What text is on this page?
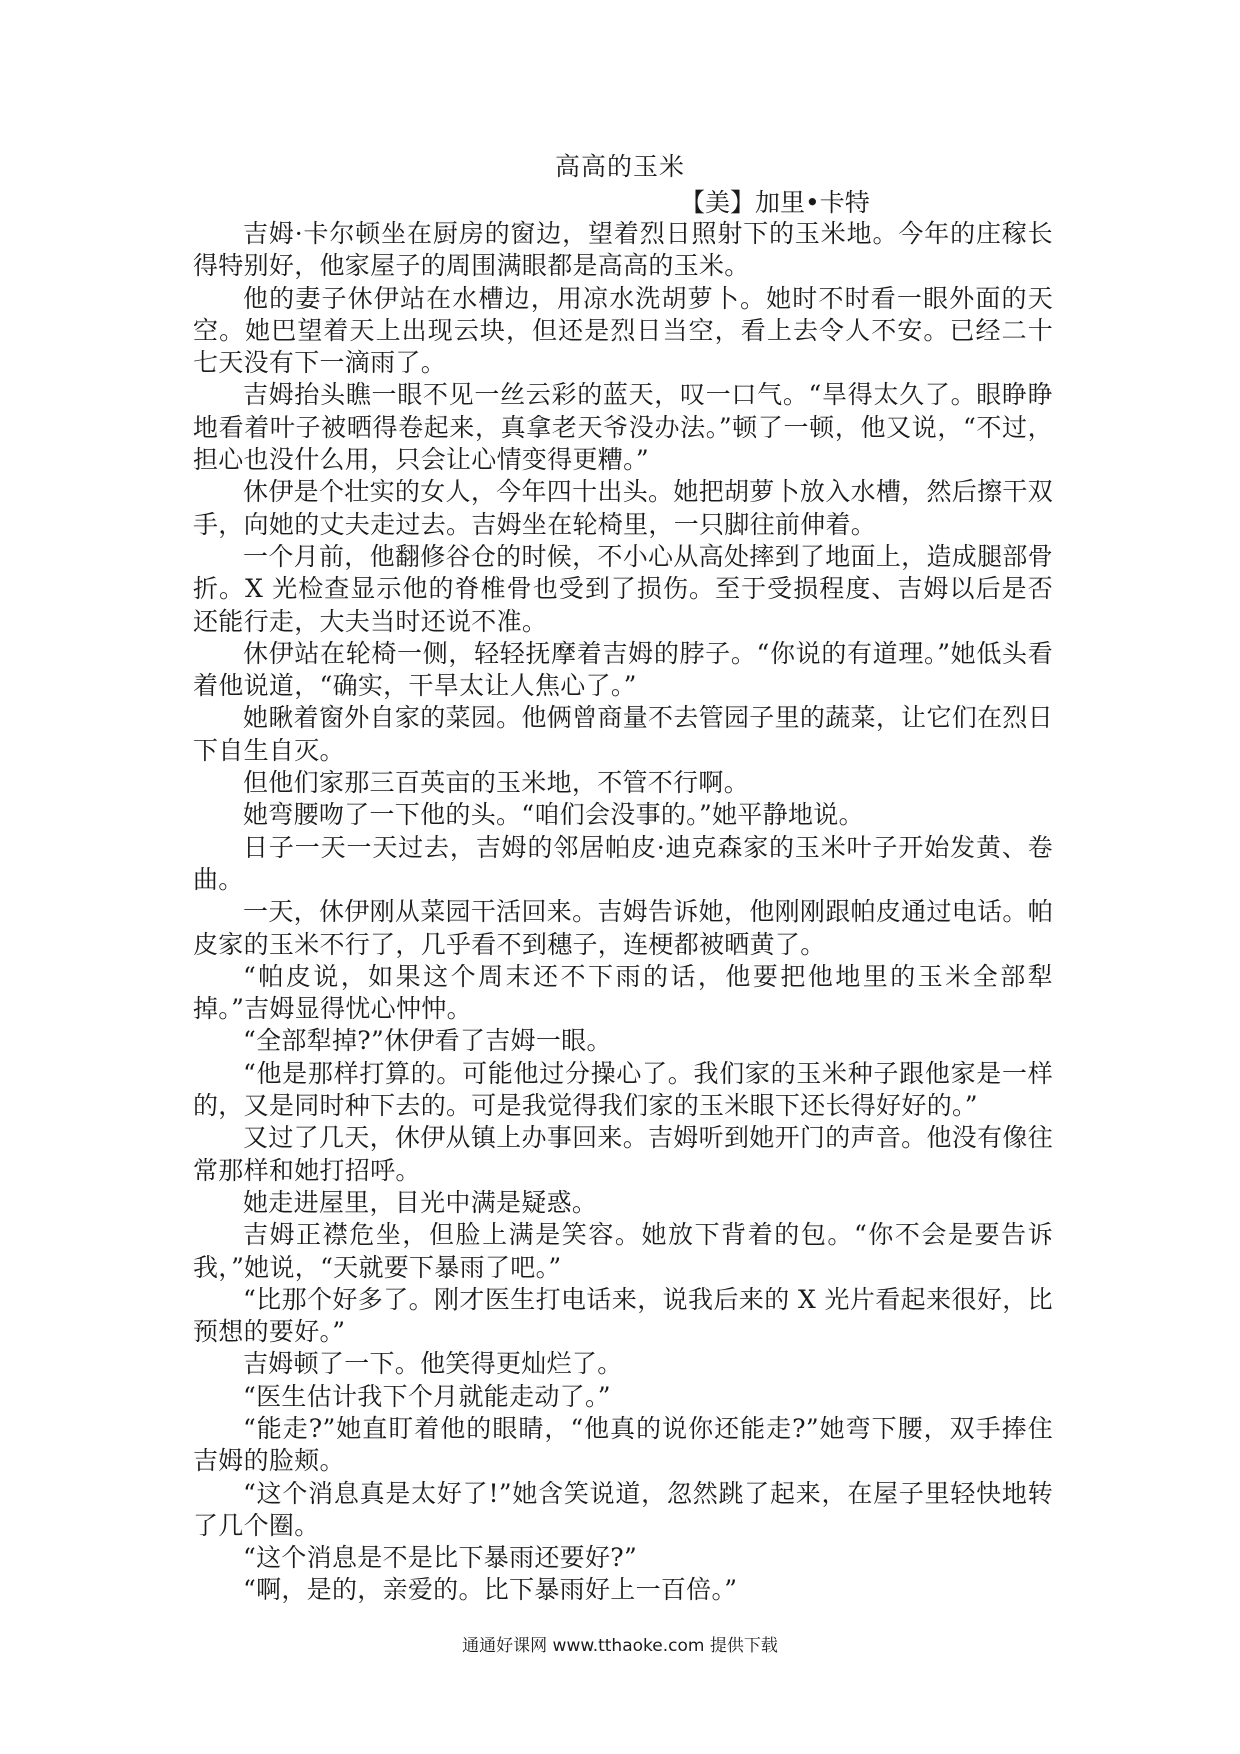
高高的玉米
【美】加里•卡特

吉姆·卡尔顿坐在厨房的窗边，望着烈日照射下的玉米地。今年的庄稼长得特别好，他家屋子的周围满眼都是高高的玉米。

他的妻子休伊站在水槽边，用凉水洗胡萝卜。她时不时看一眼外面的天空。她巴望着天上出现云块，但还是烈日当空，看上去令人不安。已经二十七天没有下一滴雨了。

吉姆抬头瞧一眼不见一丝云彩的蓝天，叹一口气。“旱得太久了。眼睁睁地看着叶子被晒得卷起来，真拿老天爷没办法。”顿了一顿，他又说，“不过，担心也没什么用，只会让心情变得更糟。”

休伊是个壮实的女人，今年四十出头。她把胡萝卜放入水槽，然后擦干双手，向她的丈夫走过去。吉姆坐在轮椅里，一只脚往前伸着。

一个月前，他翻修谷仓的时候，不小心从高处摔到了地面上，造成腿部骨折。X 光检查显示他的脊椎骨也受到了损伤。至于受损程度、吉姆以后是否还能行走，大夫当时还说不准。

休伊站在轮椅一侧，轻轻抚摩着吉姆的脖子。“你说的有道理。”她低头看着他说道，“确实，干旱太让人焦心了。”

她瞅着窗外自家的菜园。他俩曾商量不去管园子里的蔬菜，让它们在烈日下自生自灭。

但他们家那三百英亩的玉米地，不管不行啊。

她弯腰吻了一下他的头。“咱们会没事的。”她平静地说。

日子一天一天过去，吉姆的邻居帕皮·迪克森家的玉米叶子开始发黄、卷曲。

一天，休伊刚从菜园干活回来。吉姆告诉她，他刚刚跟帕皮通过电话。帕皮家的玉米不行了，几乎看不到穗子，连梗都被晒黄了。

“帕皮说，如果这个周末还不下雨的话，他要把他地里的玉米全部犁掉。”吉姆显得忧心忡忡。

“全部犁掉?”休伊看了吉姆一眼。

“他是那样打算的。可能他过分操心了。我们家的玉米种子跟他家是一样的，又是同时种下去的。可是我觉得我们家的玉米眼下还长得好好的。”

又过了几天，休伊从镇上办事回来。吉姆听到她开门的声音。他没有像往常那样和她打招呼。

她走进屋里，目光中满是疑惑。

吉姆正襟危坐，但脸上满是笑容。她放下背着的包。“你不会是要告诉我，”她说，“天就要下暴雨了吧。”

“比那个好多了。刚才医生打电话来，说我后来的 X 光片看起来很好，比预想的要好。”

吉姆顿了一下。他笑得更灿烂了。

“医生估计我下个月就能走动了。”

“能走?”她直盯着他的眼睛，“他真的说你还能走?”她弯下腰，双手捧住吉姆的脸颊。

“这个消息真是太好了!”她含笑说道，忽然跳了起来，在屋子里轻快地转了几个圈。

“这个消息是不是比下暴雨还要好?”

“啊，是的，亲爱的。比下暴雨好上一百倍。”

通通好课网 www.tthaoke.com 提供下载
